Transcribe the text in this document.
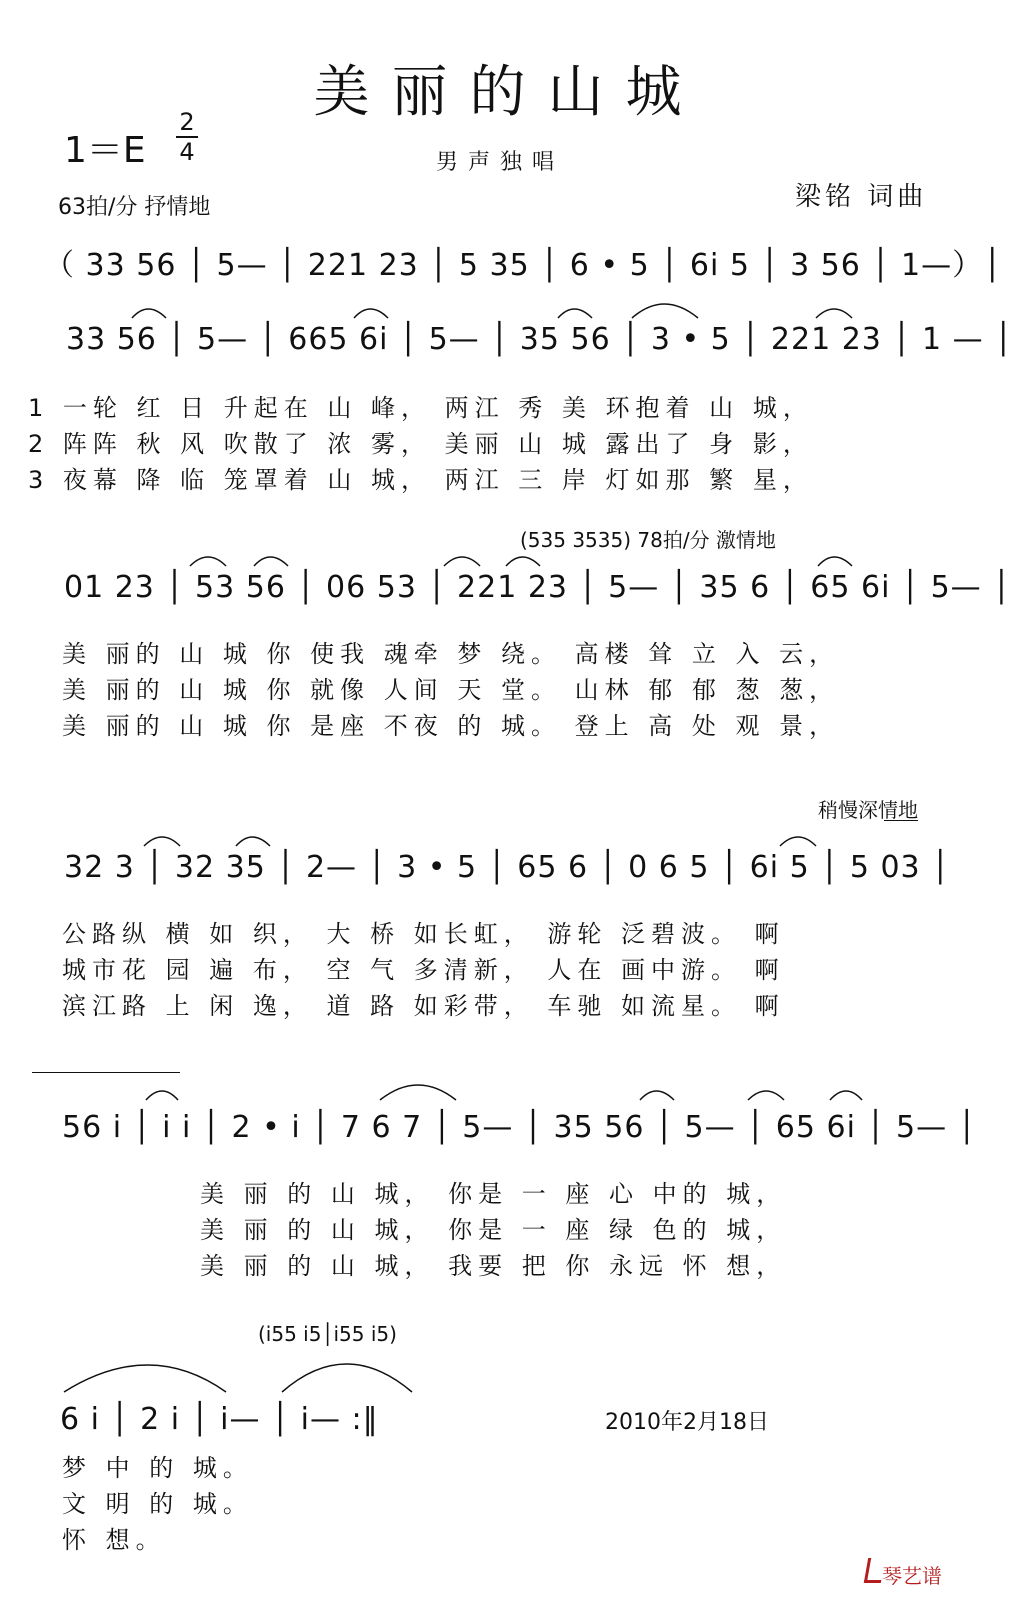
美丽的山城
男声独唱
1＝E
2
4
63拍/分 抒情地	梁铭 词曲
（ 33 56 │ 5— │ 221 23 │ 5 35 │ 6 • 5 │ 6i 5 │ 3 56 │ 1—）│
33 56 │ 5— │ 665 6i │ 5— │ 35 56 │ 3 • 5 │ 221 23 │ 1 — │
1 一轮 红 日 升起在 山 峰， 两江 秀 美 环抱着 山 城，
2 阵阵 秋 风 吹散了 浓 雾， 美丽 山 城 露出了 身 影，
3 夜幕 降 临 笼罩着 山 城， 两江 三 岸 灯如那 繁 星，
(535 3535) 78拍/分 激情地
01 23 │ 53 56 │ 06 53 │ 221 23 │ 5— │ 35 6 │ 65 6i │ 5— │
美 丽的 山 城 你 使我 魂牵 梦 绕。 高楼 耸 立 入 云，
美 丽的 山 城 你 就像 人间 天 堂。 山林 郁 郁 葱 葱，
美 丽的 山 城 你 是座 不夜 的 城。 登上 高 处 观 景，
稍慢深情地
32 3 │ 32 35 │ 2— │ 3 • 5 │ 65 6 │ 0 6 5 │ 6i 5 │ 5 03 │
公路纵 横 如 织， 大 桥 如长虹， 游轮 泛碧波。 啊
城市花 园 遍 布， 空 气 多清新， 人在 画中游。 啊
滨江路 上 闲 逸， 道 路 如彩带， 车驰 如流星。 啊
56 i │ i i │ 2 • i │ 7 6 7 │ 5— │ 35 56 │ 5— │ 65 6i │ 5— │
美 丽 的 山 城， 你是 一 座 心 中的 城，
美 丽 的 山 城， 你是 一 座 绿 色的 城，
美 丽 的 山 城， 我要 把 你 永远 怀 想，
(i55 i5│i55 i5)
6 i │ 2 i │ i— │ i— :‖	2010年2月18日
梦 中 的 城。
文 明 的 城。
怀 想。
琴艺谱
